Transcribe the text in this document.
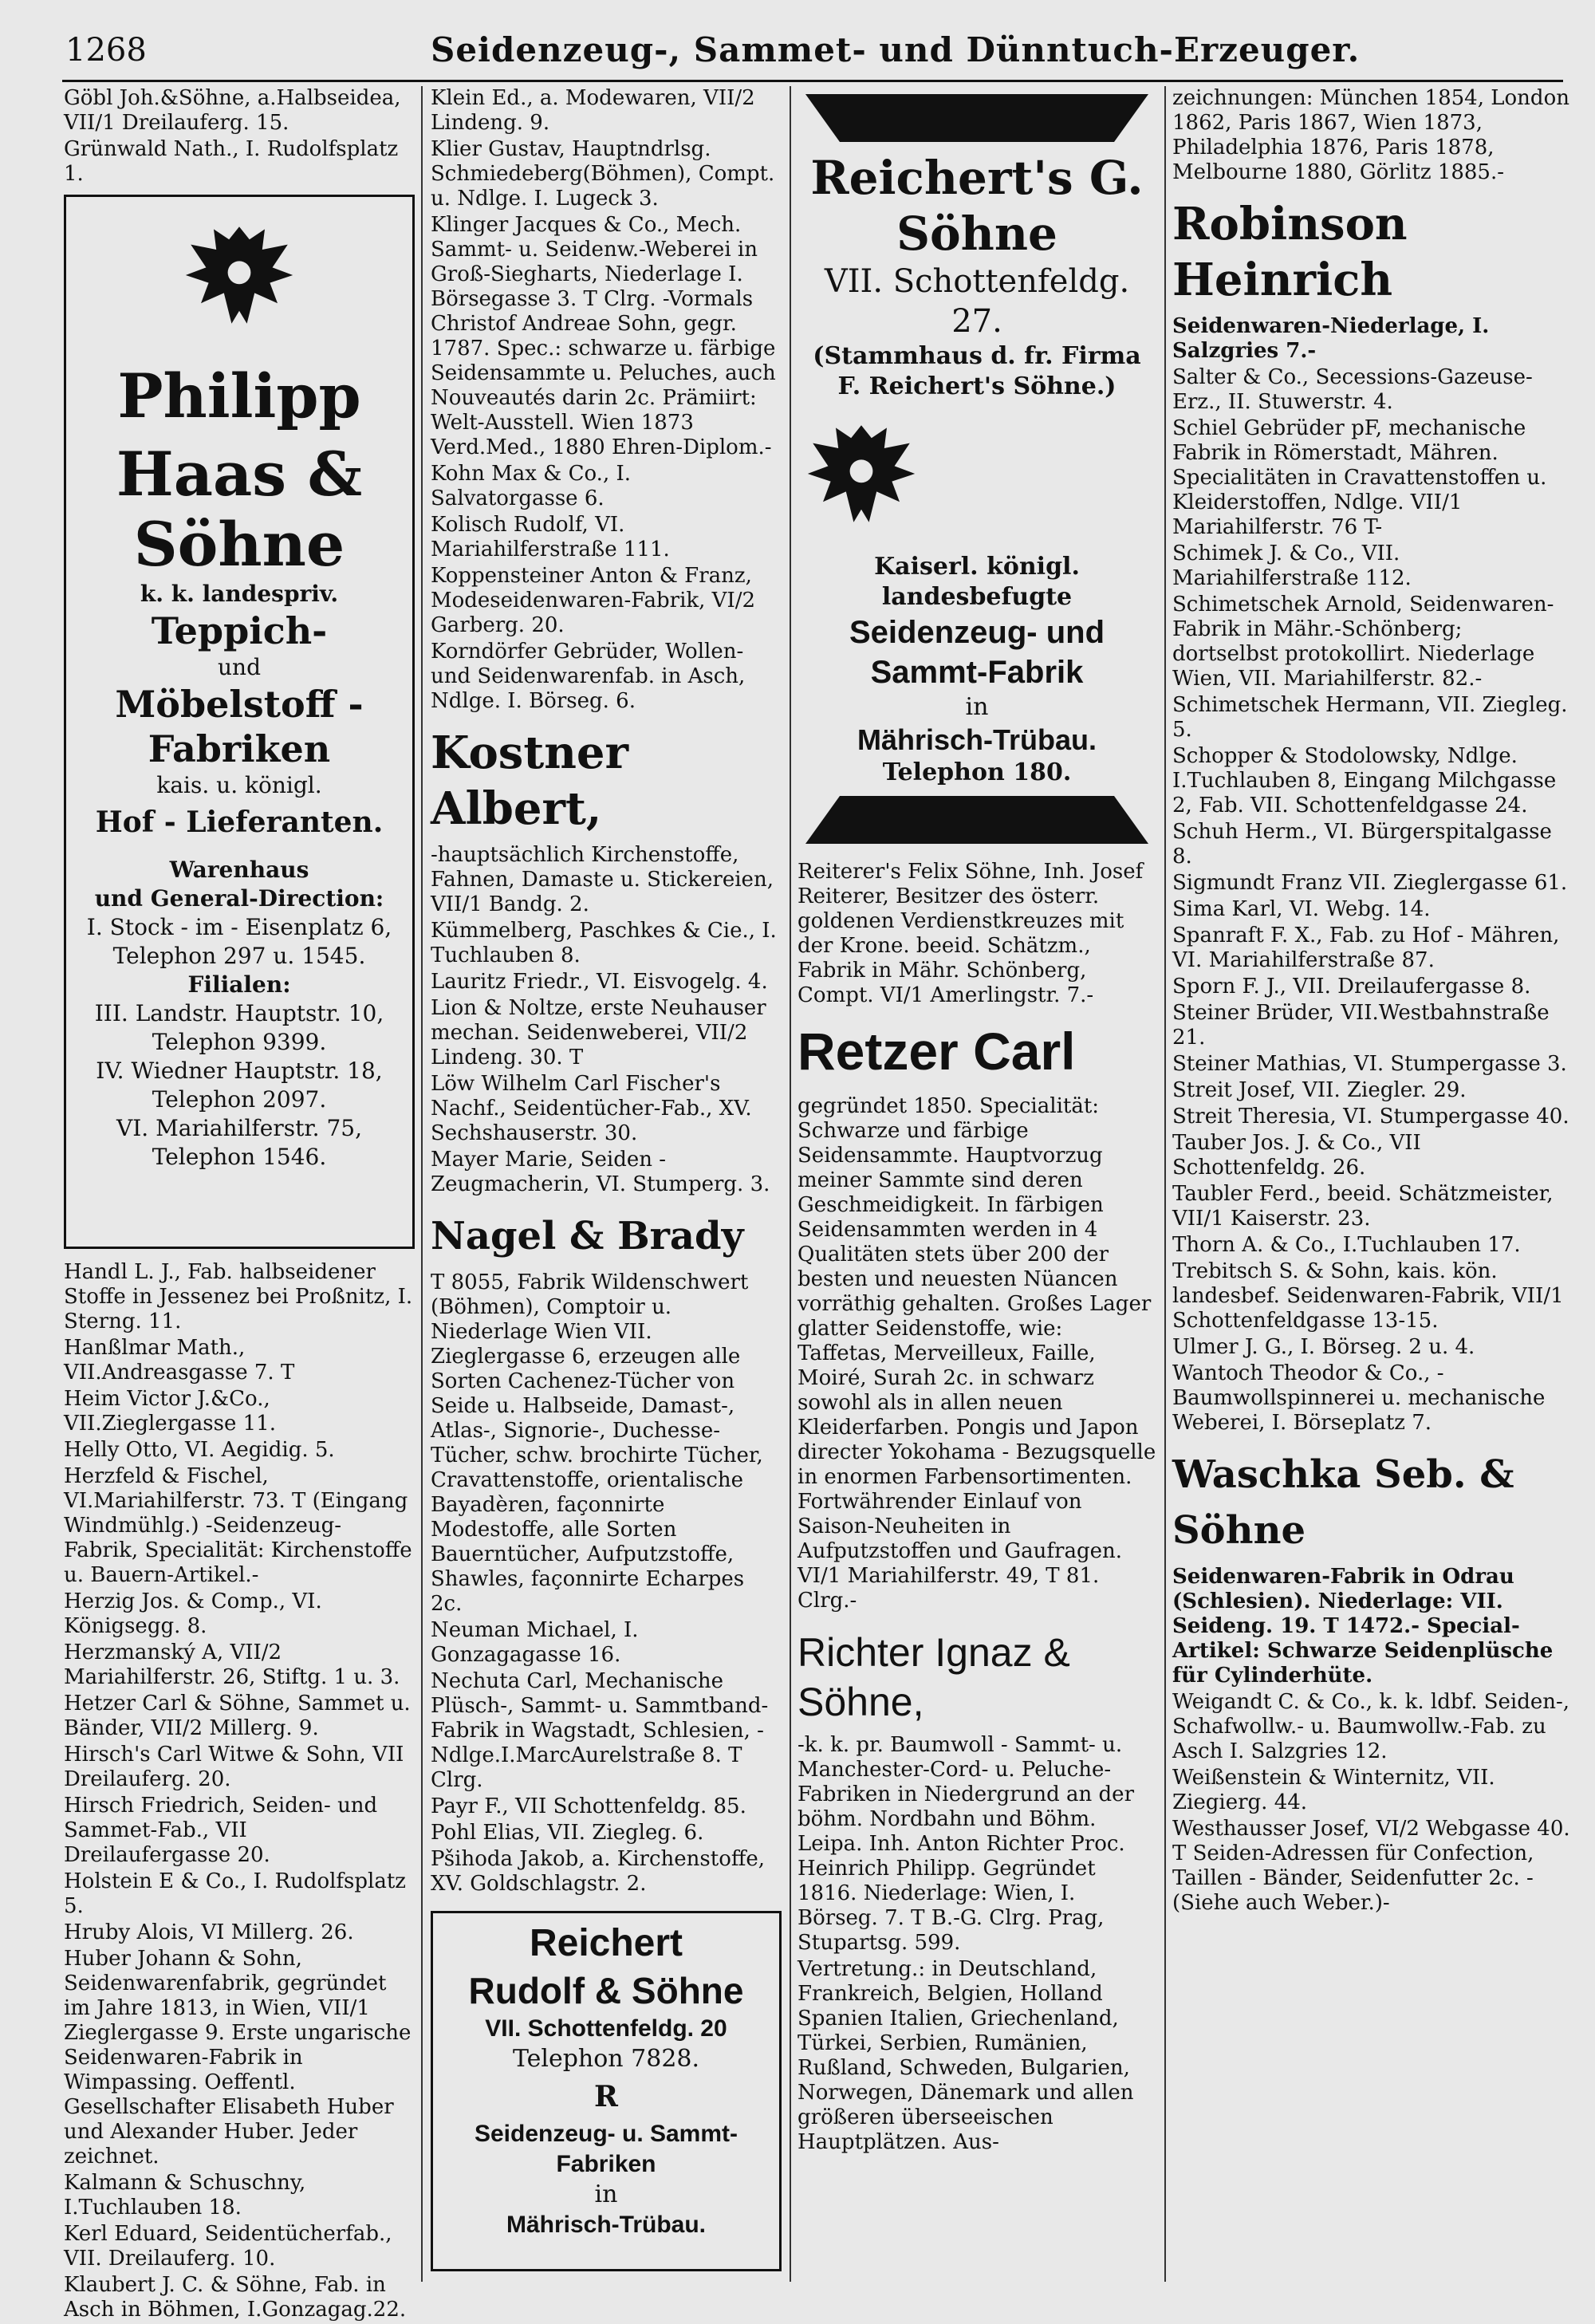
1268	Seidenzeug-, Sammet- und Dünntuch-Erzeuger.

Göbl Joh.&Söhne, a.Halbseidea, VII/1 Dreilauferg. 15.

Grünwald Nath., I. Rudolfsplatz 1.

Philipp
Haas & Söhne
k. k. landespriv.
Teppich-
und
Möbelstoff - Fabriken
kais. u. königl.
Hof - Lieferanten.
Warenhaus
und General-Direction:
I. Stock - im - Eisenplatz 6,
Telephon 297 u. 1545.
Filialen:
III. Landstr. Hauptstr. 10,
Telephon 9399.
IV. Wiedner Hauptstr. 18,
Telephon 2097.
VI. Mariahilferstr. 75,
Telephon 1546.

Handl L. J., Fab. halbseidener Stoffe in Jessenez bei Proßnitz, I. Sterng. 11.

Hanßlmar Math., VII.Andreasgasse 7. T

Heim Victor J.&Co., VII.Zieglergasse 11.

Helly Otto, VI. Aegidig. 5.

Herzfeld & Fischel, VI.Mariahilferstr. 73. T (Eingang Windmühlg.) -Seidenzeug-Fabrik, Specialität: Kirchenstoffe u. Bauern-Artikel.-

Herzig Jos. & Comp., VI. Königsegg. 8.

Herzmanský A, VII/2 Mariahilferstr. 26, Stiftg. 1 u. 3.

Hetzer Carl & Söhne, Sammet u. Bänder, VII/2 Millerg. 9.

Hirsch's Carl Witwe & Sohn, VII Dreilauferg. 20.

Hirsch Friedrich, Seiden- und Sammet-Fab., VII Dreilaufergasse 20.

Holstein E & Co., I. Rudolfsplatz 5.

Hruby Alois, VI Millerg. 26.

Huber Johann & Sohn, Seidenwarenfabrik, gegründet im Jahre 1813, in Wien, VII/1 Zieglergasse 9. Erste ungarische Seidenwaren-Fabrik in Wimpassing. Oeffentl. Gesellschafter Elisabeth Huber und Alexander Huber. Jeder zeichnet.

Kalmann & Schuschny, I.Tuchlauben 18.

Kerl Eduard, Seidentücherfab., VII. Dreilauferg. 10.

Klaubert J. C. & Söhne, Fab. in Asch in Böhmen, I.Gonzagag.22.

Klein Ed., a. Modewaren, VII/2 Lindeng. 9.

Klier Gustav, Hauptndrlsg. Schmiedeberg(Böhmen), Compt. u. Ndlge. I. Lugeck 3.

Klinger Jacques & Co., Mech. Sammt- u. Seidenw.-Weberei in Groß-Siegharts, Niederlage I. Börsegasse 3. T Clrg. -Vormals Christof Andreae Sohn, gegr. 1787. Spec.: schwarze u. färbige Seidensammte u. Peluches, auch Nouveautés darin 2c. Prämiirt: Welt-Ausstell. Wien 1873 Verd.Med., 1880 Ehren-Diplom.-

Kohn Max & Co., I. Salvatorgasse 6.

Kolisch Rudolf, VI. Mariahilferstraße 111.

Koppensteiner Anton & Franz, Modeseidenwaren-Fabrik, VI/2 Garberg. 20.

Korndörfer Gebrüder, Wollen- und Seidenwarenfab. in Asch, Ndlge. I. Börseg. 6.

Kostner Albert,

-hauptsächlich Kirchenstoffe, Fahnen, Damaste u. Stickereien, VII/1 Bandg. 2.

Kümmelberg, Paschkes & Cie., I. Tuchlauben 8.

Lauritz Friedr., VI. Eisvogelg. 4.

Lion & Noltze, erste Neuhauser mechan. Seidenweberei, VII/2 Lindeng. 30. T

Löw Wilhelm Carl Fischer's Nachf., Seidentücher-Fab., XV. Sechshauserstr. 30.

Mayer Marie, Seiden - Zeugmacherin, VI. Stumperg. 3.

Nagel & Brady

T 8055, Fabrik Wildenschwert (Böhmen), Comptoir u. Niederlage Wien VII. Zieglergasse 6, erzeugen alle Sorten Cachenez-Tücher von Seide u. Halbseide, Damast-, Atlas-, Signorie-, Duchesse-Tücher, schw. brochirte Tücher, Cravattenstoffe, orientalische Bayadèren, façonnirte Modestoffe, alle Sorten Bauerntücher, Aufputzstoffe, Shawles, façonnirte Echarpes 2c.

Neuman Michael, I. Gonzagagasse 16.

Nechuta Carl, Mechanische Plüsch-, Sammt- u. Sammtband-Fabrik in Wagstadt, Schlesien, -Ndlge.I.MarcAurelstraße 8. T Clrg.

Payr F., VII Schottenfeldg. 85.

Pohl Elias, VII. Ziegleg. 6.

Pšihoda Jakob, a. Kirchenstoffe, XV. Goldschlagstr. 2.

Reichert
Rudolf & Söhne
VII. Schottenfeldg. 20
Telephon 7828.
R
Seidenzeug- u. Sammt-Fabriken
in
Mährisch-Trübau.
Reichert's G. Söhne
VII. Schottenfeldg. 27.
(Stammhaus d. fr. Firma F. Reichert's Söhne.)
Kaiserl. königl. landesbefugte
Seidenzeug- und
Sammt-Fabrik
in
Mährisch-Trübau.
Telephon 180.

Reiterer's Felix Söhne, Inh. Josef Reiterer, Besitzer des österr. goldenen Verdienstkreuzes mit der Krone. beeid. Schätzm., Fabrik in Mähr. Schönberg, Compt. VI/1 Amerlingstr. 7.-

Retzer Carl

gegründet 1850. Specialität: Schwarze und färbige Seidensammte. Hauptvorzug meiner Sammte sind deren Geschmeidigkeit. In färbigen Seidensammten werden in 4 Qualitäten stets über 200 der besten und neuesten Nüancen vorräthig gehalten. Großes Lager glatter Seidenstoffe, wie: Taffetas, Merveilleux, Faille, Moiré, Surah 2c. in schwarz sowohl als in allen neuen Kleiderfarben. Pongis und Japon directer Yokohama - Bezugsquelle in enormen Farbensortimenten. Fortwährender Einlauf von Saison-Neuheiten in Aufputzstoffen und Gaufragen. VI/1 Mariahilferstr. 49, T 81. Clrg.-

Richter Ignaz & Söhne,

-k. k. pr. Baumwoll - Sammt- u. Manchester-Cord- u. Peluche-Fabriken in Niedergrund an der böhm. Nordbahn und Böhm. Leipa. Inh. Anton Richter Proc. Heinrich Philipp. Gegründet 1816. Niederlage: Wien, I. Börseg. 7. T B.-G. Clrg. Prag, Stupartsg. 599.

Vertretung.: in Deutschland, Frankreich, Belgien, Holland Spanien Italien, Griechenland, Türkei, Serbien, Rumänien, Rußland, Schweden, Bulgarien, Norwegen, Dänemark und allen größeren überseeischen Hauptplätzen. Aus-

zeichnungen: München 1854, London 1862, Paris 1867, Wien 1873, Philadelphia 1876, Paris 1878, Melbourne 1880, Görlitz 1885.-

Robinson Heinrich

Seidenwaren-Niederlage, I. Salzgries 7.-

Salter & Co., Secessions-Gazeuse-Erz., II. Stuwerstr. 4.

Schiel Gebrüder pF, mechanische Fabrik in Römerstadt, Mähren. Specialitäten in Cravattenstoffen u. Kleiderstoffen, Ndlge. VII/1 Mariahilferstr. 76 T-

Schimek J. & Co., VII. Mariahilferstraße 112.

Schimetschek Arnold, Seidenwaren-Fabrik in Mähr.-Schönberg; dortselbst protokollirt. Niederlage Wien, VII. Mariahilferstr. 82.-

Schimetschek Hermann, VII. Ziegleg. 5.

Schopper & Stodolowsky, Ndlge. I.Tuchlauben 8, Eingang Milchgasse 2, Fab. VII. Schottenfeldgasse 24.

Schuh Herm., VI. Bürgerspitalgasse 8.

Sigmundt Franz VII. Zieglergasse 61.

Sima Karl, VI. Webg. 14.

Spanraft F. X., Fab. zu Hof - Mähren, VI. Mariahilferstraße 87.

Sporn F. J., VII. Dreilaufergasse 8.

Steiner Brüder, VII.Westbahnstraße 21.

Steiner Mathias, VI. Stumpergasse 3.

Streit Josef, VII. Ziegler. 29.

Streit Theresia, VI. Stumpergasse 40.

Tauber Jos. J. & Co., VII Schottenfeldg. 26.

Taubler Ferd., beeid. Schätzmeister, VII/1 Kaiserstr. 23.

Thorn A. & Co., I.Tuchlauben 17.

Trebitsch S. & Sohn, kais. kön. landesbef. Seidenwaren-Fabrik, VII/1 Schottenfeldgasse 13-15.

Ulmer J. G., I. Börseg. 2 u. 4.

Wantoch Theodor & Co., -Baumwollspinnerei u. mechanische Weberei, I. Börseplatz 7.

Waschka Seb. & Söhne

Seidenwaren-Fabrik in Odrau (Schlesien). Niederlage: VII. Seideng. 19. T 1472.- Special-Artikel: Schwarze Seidenplüsche für Cylinderhüte.

Weigandt C. & Co., k. k. ldbf. Seiden-, Schafwollw.- u. Baumwollw.-Fab. zu Asch I. Salzgries 12.

Weißenstein & Winternitz, VII. Ziegierg. 44.

Westhausser Josef, VI/2 Webgasse 40. T Seiden-Adressen für Confection, Taillen - Bänder, Seidenfutter 2c. - (Siehe auch Weber.)-
